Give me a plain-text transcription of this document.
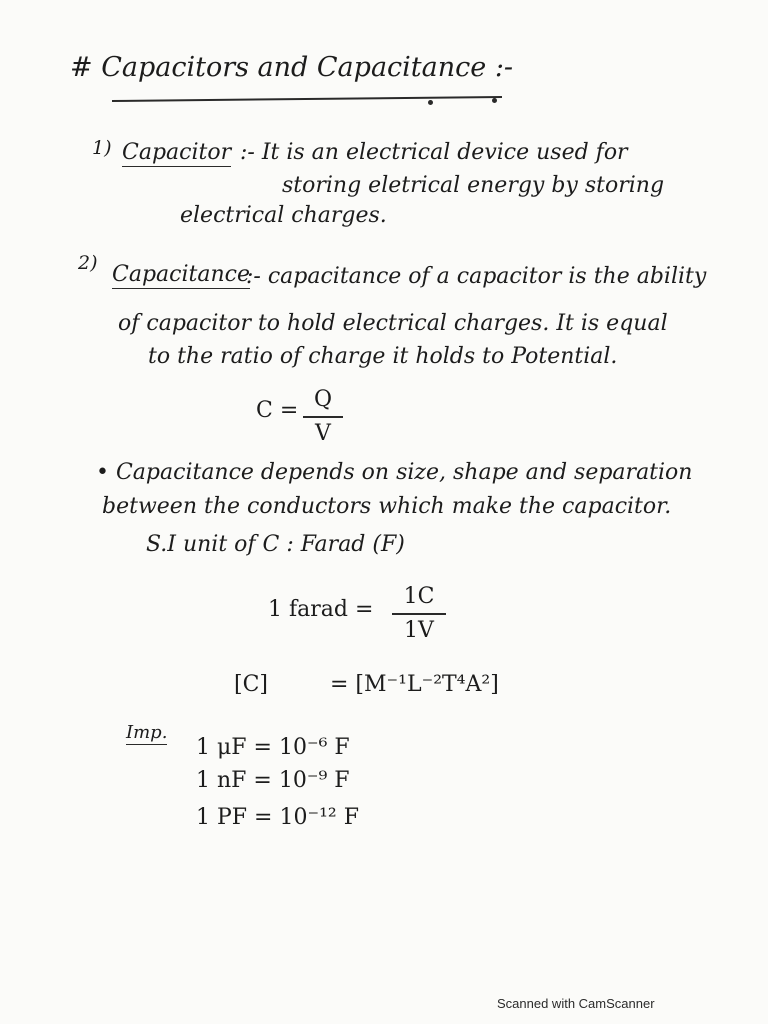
# Capacitors and Capacitance :-
1) Capacitor :- It is an electrical device used for
storing eletrical energy by storing
electrical charges.
2) Capacitance
:- capacitance of a capacitor is the ability
of capacitor to hold electrical charges. It is equal
to the ratio of charge it holds to Potential.
C = Q
V
• Capacitance depends on size, shape and separation
between the conductors which make the capacitor.
S.I unit of C : Farad (F)
1 farad =
1C
1V
[C]	= [M⁻¹L⁻²T⁴A²]
Imp.
1 μF = 10⁻⁶ F
1 nF = 10⁻⁹ F
1 PF = 10⁻¹² F
Scanned with CamScanner
